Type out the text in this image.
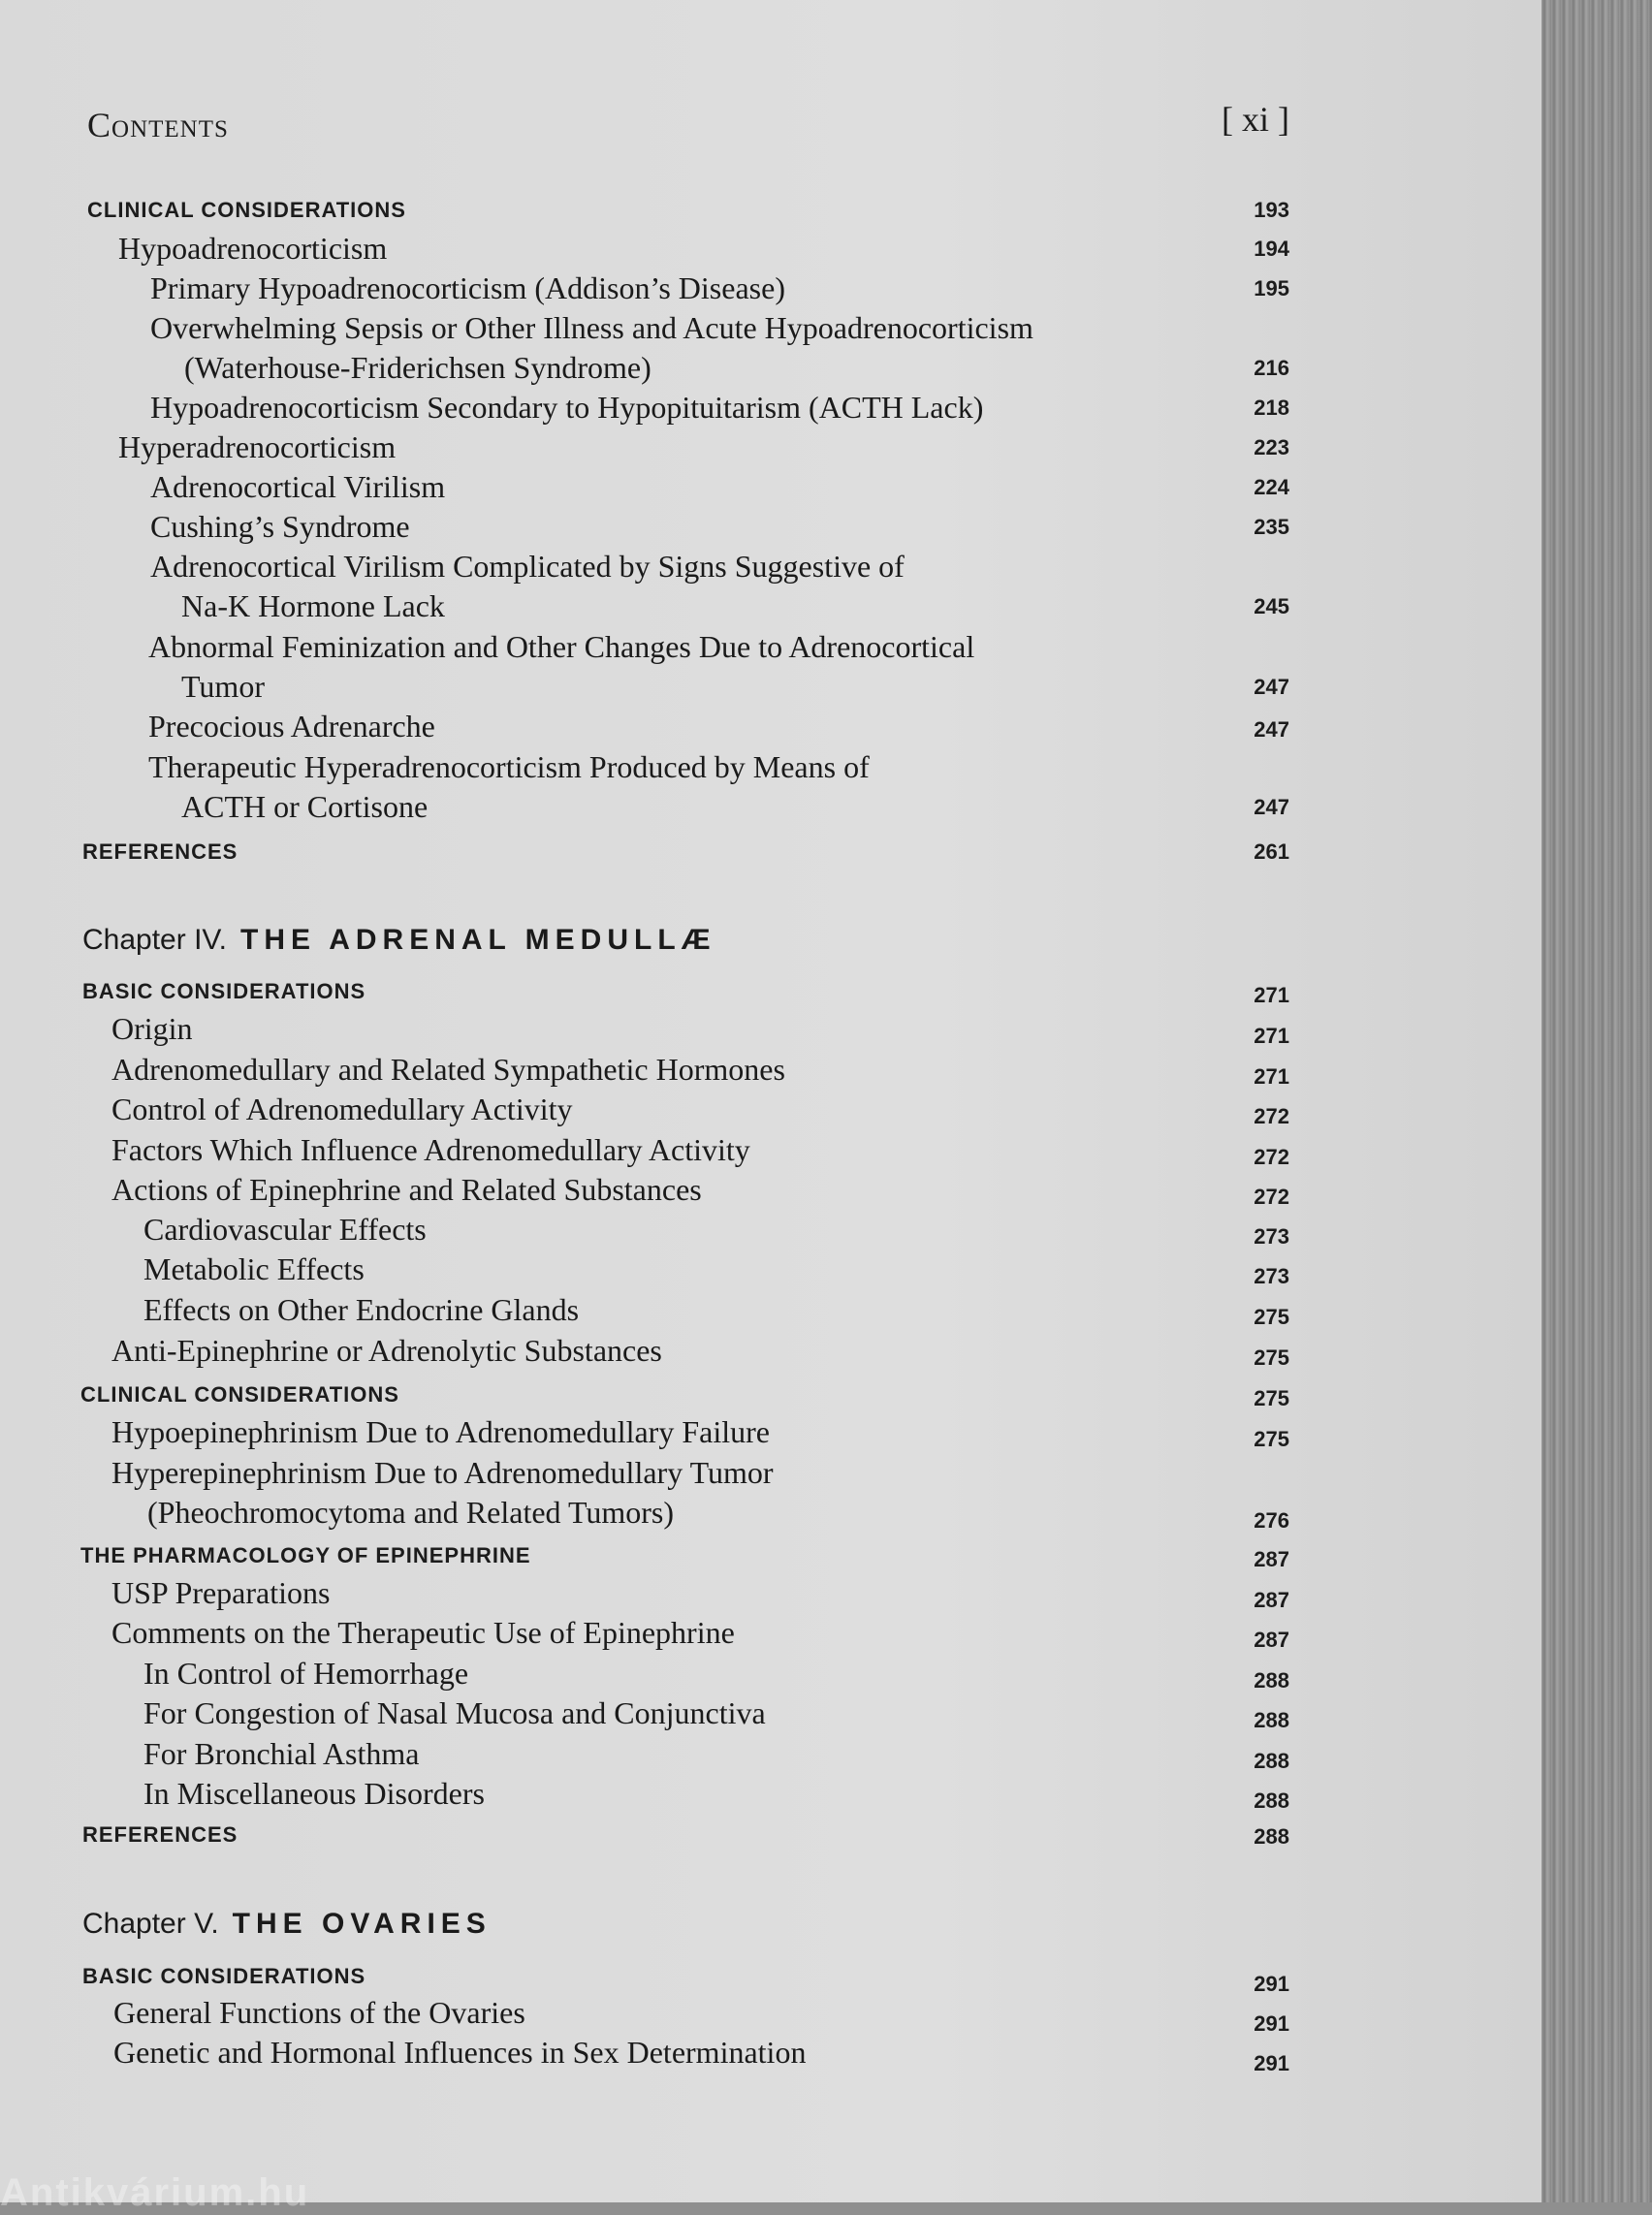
Contents	[ xi ]
CLINICAL CONSIDERATIONS	193
Hypoadrenocorticism	194
Primary Hypoadrenocorticism (Addison’s Disease)	195
Overwhelming Sepsis or Other Illness and Acute Hypoadrenocorticism
(Waterhouse-Friderichsen Syndrome)	216
Hypoadrenocorticism Secondary to Hypopituitarism (ACTH Lack)	218
Hyperadrenocorticism	223
Adrenocortical Virilism	224
Cushing’s Syndrome	235
Adrenocortical Virilism Complicated by Signs Suggestive of
Na-K Hormone Lack	245
Abnormal Feminization and Other Changes Due to Adrenocortical
Tumor	247
Precocious Adrenarche	247
Therapeutic Hyperadrenocorticism Produced by Means of
ACTH or Cortisone	247
REFERENCES	261
Chapter IV. THE ADRENAL MEDULLÆ
BASIC CONSIDERATIONS	271
Origin	271
Adrenomedullary and Related Sympathetic Hormones	271
Control of Adrenomedullary Activity	272
Factors Which Influence Adrenomedullary Activity	272
Actions of Epinephrine and Related Substances	272
Cardiovascular Effects	273
Metabolic Effects	273
Effects on Other Endocrine Glands	275
Anti-Epinephrine or Adrenolytic Substances	275
CLINICAL CONSIDERATIONS	275
Hypoepinephrinism Due to Adrenomedullary Failure	275
Hyperepinephrinism Due to Adrenomedullary Tumor
(Pheochromocytoma and Related Tumors)	276
THE PHARMACOLOGY OF EPINEPHRINE	287
USP Preparations	287
Comments on the Therapeutic Use of Epinephrine	287
In Control of Hemorrhage	288
For Congestion of Nasal Mucosa and Conjunctiva	288
For Bronchial Asthma	288
In Miscellaneous Disorders	288
REFERENCES	288
Chapter V. THE OVARIES
BASIC CONSIDERATIONS	291
General Functions of the Ovaries	291
Genetic and Hormonal Influences in Sex Determination	291
Antikvárium.hu
